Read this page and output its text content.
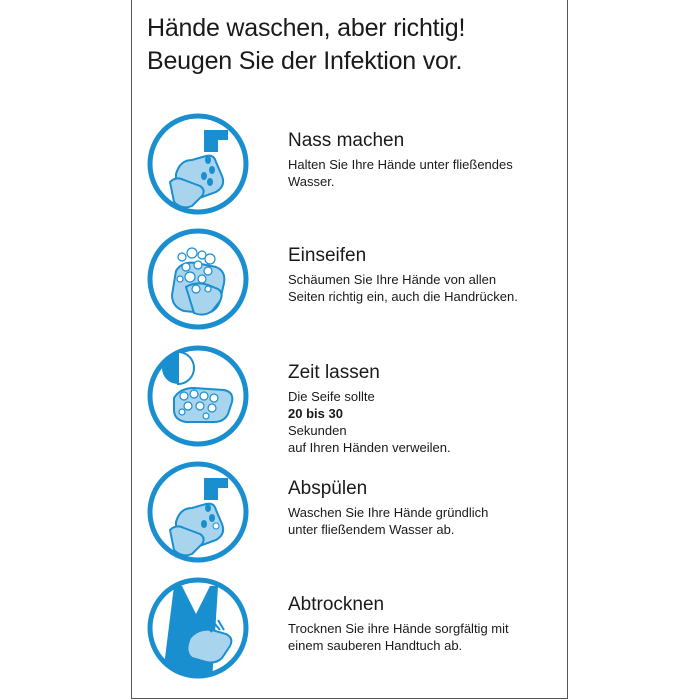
Hände waschen, aber richtig!
Beugen Sie der Infektion vor.
Nass machen

Halten Sie Ihre Hände unter fließendes
Wasser.

Einseifen

Schäumen Sie Ihre Hände von allen
Seiten richtig ein, auch die Handrücken.

Zeit lassen

Die Seife sollte
20 bis 30
Sekunden
auf Ihren Händen verweilen.

Abspülen

Waschen Sie Ihre Hände gründlich
unter fließendem Wasser ab.

Abtrocknen

Trocknen Sie ihre Hände sorgfältig mit
einem sauberen Handtuch ab.
